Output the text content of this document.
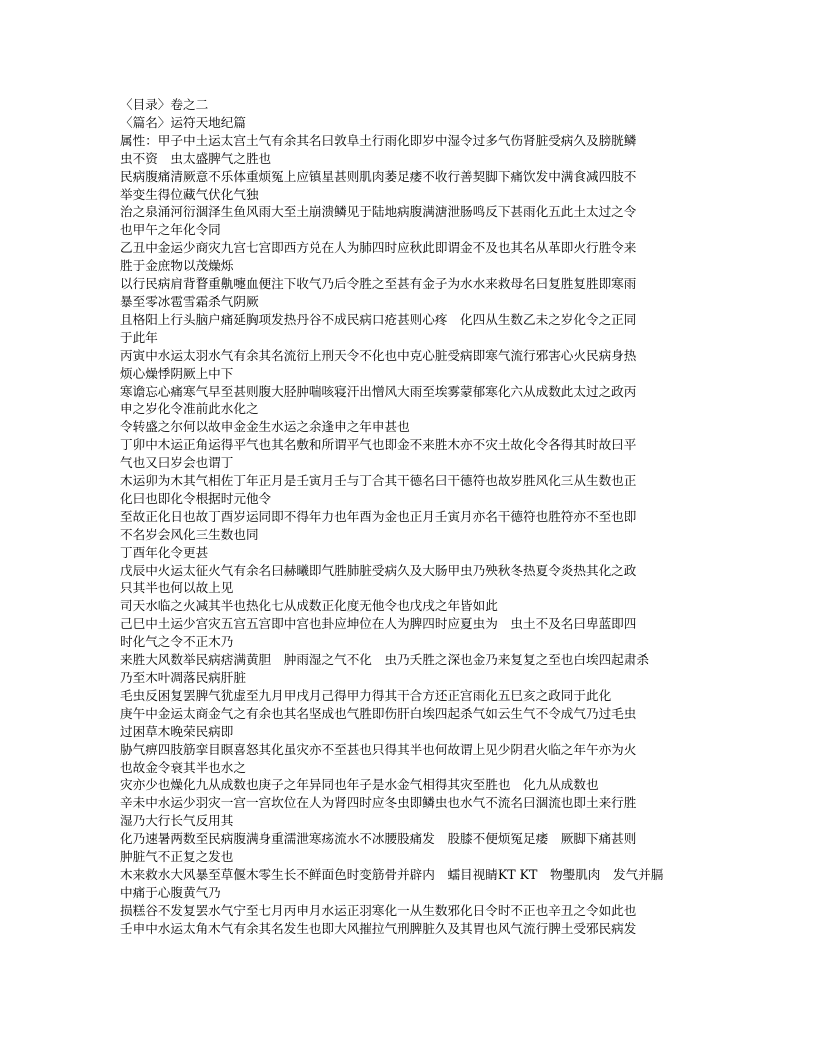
〈目录〉卷之二
〈篇名〉运符天地纪篇
属性：甲子中土运太宫土气有余其名曰敦阜土行雨化即岁中湿令过多气伤肾脏受病久及膀胱鳞
虫不资　虫太盛脾气之胜也
民病腹痛清厥意不乐体重烦冤上应镇星甚则肌肉萎足痿不收行善契脚下痛饮发中满食减四肢不
举变生得位藏气伏化气独
治之泉涌河衍涸泽生鱼风雨大至土崩溃鳞见于陆地病腹满溏泄肠鸣反下甚雨化五此土太过之令
也甲午之年化令同
乙丑中金运少商灾九宫七宫即西方兑在人为肺四时应秋此即谓金不及也其名从革即火行胜令来
胜于金庶物以茂燥烁
以行民病肩背瞀重鼽嚏血便注下收气乃后令胜之至甚有金子为水水来救母名曰复胜复胜即寒雨
暴至零冰雹雪霜杀气阴厥
且格阳上行头脑户痛延胸项发热丹谷不成民病口疮甚则心疼　化四从生数乙未之岁化令之正同
于此年
丙寅中水运太羽水气有余其名流衍上刑天令不化也中克心脏受病即寒气流行邪害心火民病身热
烦心燥悸阴厥上中下
寒谵忘心痛寒气早至甚则腹大胫肿喘咳寝汗出憎风大雨至埃雾蒙郁寒化六从成数此太过之政丙
申之岁化令准前此水化之
令转盛之尔何以故申金金生水运之余逢申之年申甚也
丁卯中木运正角运得平气也其名敷和所谓平气也即金不来胜木亦不灾土故化令各得其时故曰平
气也又曰岁会也谓丁
木运卯为木其气相佐丁年正月是壬寅月壬与丁合其干德名曰干德符也故岁胜风化三从生数也正
化曰也即化令根据时元他令
至故正化日也故丁酉岁运同即不得年力也年酉为金也正月壬寅月亦名干德符也胜符亦不至也即
不名岁会风化三生数也同
丁酉年化令更甚
戊辰中火运太征火气有余名曰赫曦即气胜肺脏受病久及大肠甲虫乃殃秋冬热夏令炎热其化之政
只其半也何以故上见
司天水临之火减其半也热化七从成数正化度无他令也戊戌之年皆如此
己巳中土运少宫灾五宫五宫即中宫也卦应坤位在人为脾四时应夏虫为　虫土不及名曰卑蓝即四
时化气之令不正木乃
来胜大风数举民病痞满黄胆　肿雨湿之气不化　虫乃夭胜之深也金乃来复复之至也白埃四起肃杀
乃至木叶凋落民病肝脏
毛虫反困复罢脾气犹虚至九月甲戌月己得甲力得其干合方还正宫雨化五巳亥之政同于此化
庚午中金运太商金气之有余也其名坚成也气胜即伤肝白埃四起杀气如云生气不令成气乃过毛虫
过困草木晚荣民病即
胁气痹四肢筋挛目瞑喜怒其化虽灾亦不至甚也只得其半也何故谓上见少阴君火临之年午亦为火
也故金令衰其半也水之
灾亦少也燥化九从成数也庚子之年异同也年子是水金气相得其灾至胜也　化九从成数也
辛未中水运少羽灾一宫一宫坎位在人为肾四时应冬虫即鳞虫也水气不流名曰涸流也即土来行胜
湿乃大行长气反用其
化乃速暑两数至民病腹满身重濡泄寒疡流水不冰腰股痛发　股膝不便烦冤足痿　厥脚下痛甚则
肿脏气不正复之发也
木来救水大风暴至草偃木零生长不鲜面色时变筋骨并辟内　蠕目视睛KT KT　物璺肌肉　发气并膈
中痛于心腹黄气乃
损糕谷不发复罢水气宁至七月丙申月水运正羽寒化一从生数邪化日令时不正也辛丑之令如此也
壬申中水运太角木气有余其名发生也即大风摧拉气刑脾脏久及其胃也风气流行脾土受邪民病发
